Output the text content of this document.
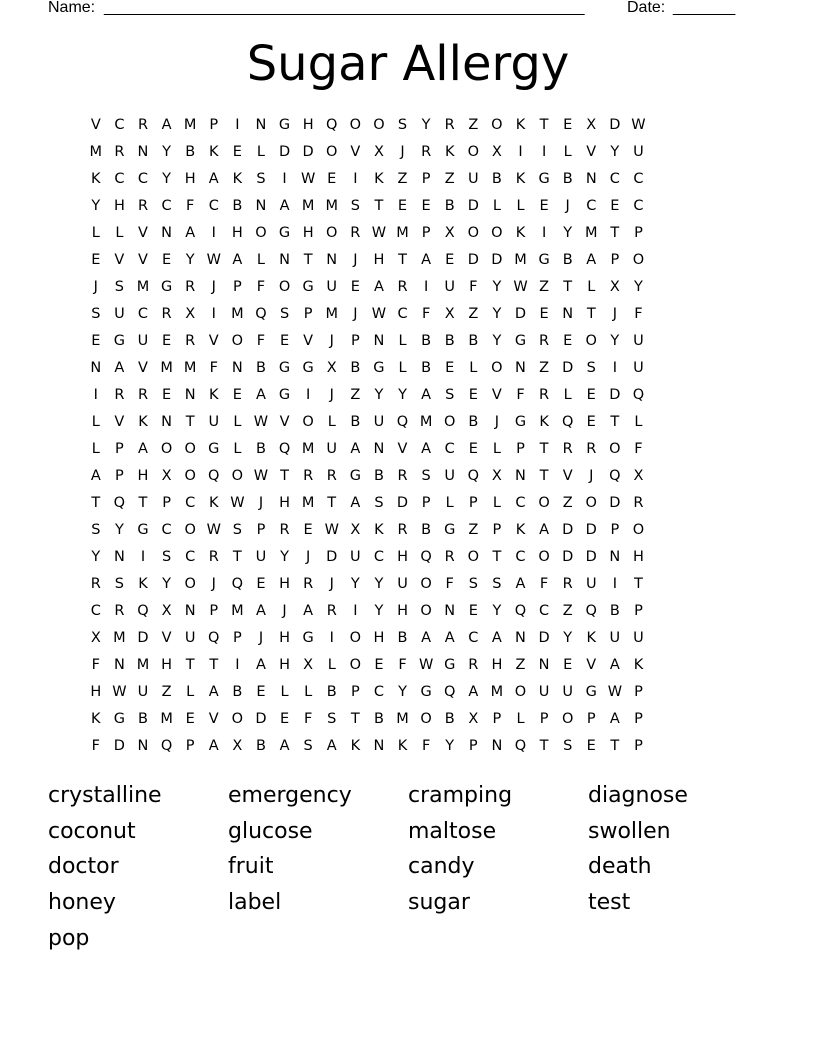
Name: ______________________________________________________	Date: _______
Sugar Allergy
V C R A M P	I	N G H Q O O S	Y R Z O K T	E X D W
M R N Y B K E	L D D O V X	J	R K O X	I	I	L	V Y U
K C C Y H A K S	I W E	I	K Z P Z U B K G B N C C
Y H R C F C B N A M M S	T	E E B D L	L	E	J	C E C
L	L	V N A	I	H O G H O R W M P X O O K	I	Y M T	P
E V V E	Y W A	L N T N	J	H T A E D D M G B A P O
J	S M G R	J	P	F O G U E A R	I	U F	Y W Z T	L	X Y
S U C R X	I	M Q S	P M	J W C F X Z Y D E N T	J	F
E G U E R V O F	E V	J	P N L	B B B Y G R E O Y U
N A V M M F N B G G X B G L	B E	L O N Z D S	I	U
I	R R E N K E A G	I	J	Z Y	Y A S E V F R	L	E D Q
L	V K N T U L W V O L	B U Q M O B	J	G K Q E	T	L
L	P A O O G L	B Q M U A N V A C E	L	P	T R R O F
A P H X O Q O W T R R G B R S U Q X N T V	J	Q X
T Q T	P C K W J	H M T A S D P	L	P	L C O Z O D R
S	Y G C O W S	P R E W X K R B G Z P K A D D P O
Y N	I	S C R T U Y	J	D U C H Q R O T C O D D N H
R S K Y O	J	Q E H R	J	Y	Y U O F	S S A F R U	I	T
C R Q X N P M A	J	A R	I	Y H O N E	Y Q C Z Q B P
X M D V U Q P	J	H G	I	O H B A A C A N D Y K U U
F N M H T	T	I	A H X	L O E	F W G R H Z N E V A K
H W U Z	L	A B E	L	L	B P C Y G Q A M O U U G W P
K G B M E V O D E	F	S	T B M O B X P	L	P O P A P
F D N Q P A X B A S A K N K	F	Y	P N Q T	S E	T	P
crystalline	emergency	cramping	diagnose
coconut	glucose	maltose	swollen
doctor	fruit	candy	death
honey	label	sugar	test
pop
